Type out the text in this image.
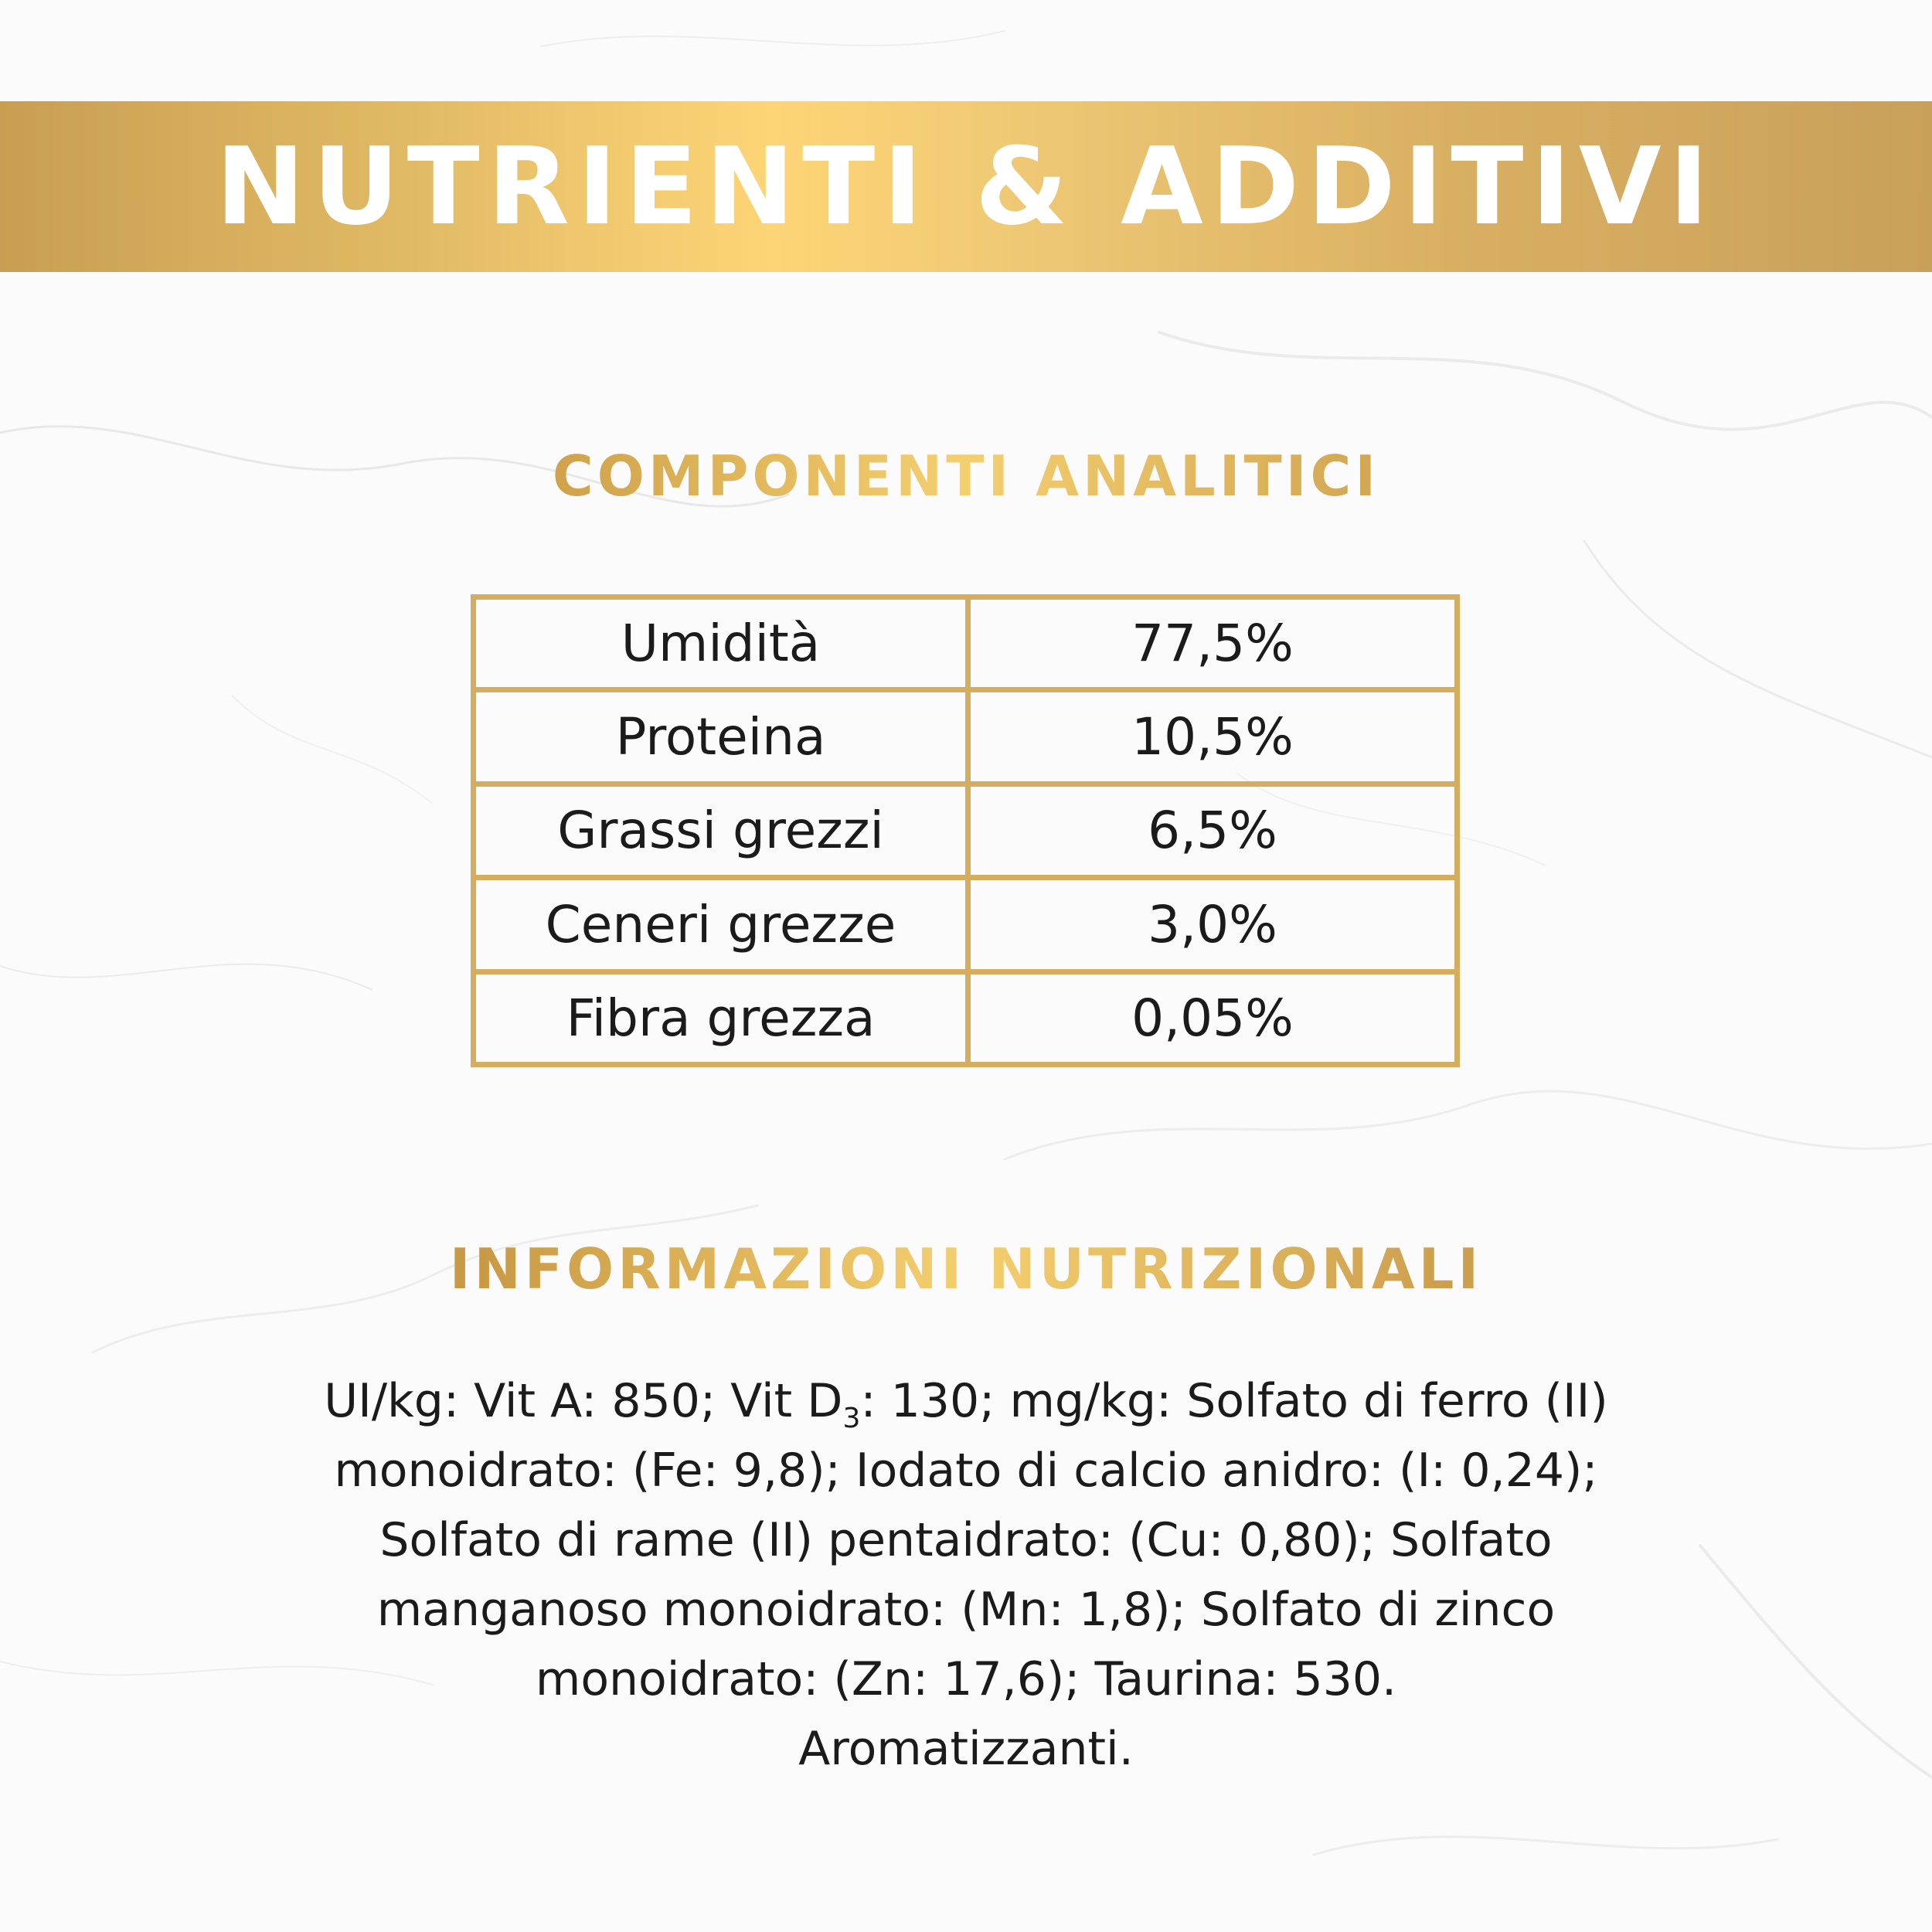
NUTRIENTI & ADDITIVI
COMPONENTI ANALITICI
Umidità	77,5%
Proteina	10,5%
Grassi grezzi	6,5%
Ceneri grezze	3,0%
Fibra grezza	0,05%
INFORMAZIONI NUTRIZIONALI
UI/kg: Vit A: 850; Vit $D_3$: 130; mg/kg: Solfato di ferro (II)
monoidrato: (Fe: 9,8); Iodato di calcio anidro: (I: 0,24);
Solfato di rame (II) pentaidrato: (Cu: 0,80); Solfato
manganoso monoidrato: (Mn: 1,8); Solfato di zinco
monoidrato: (Zn: 17,6); Taurina: 530.
Aromatizzanti.
